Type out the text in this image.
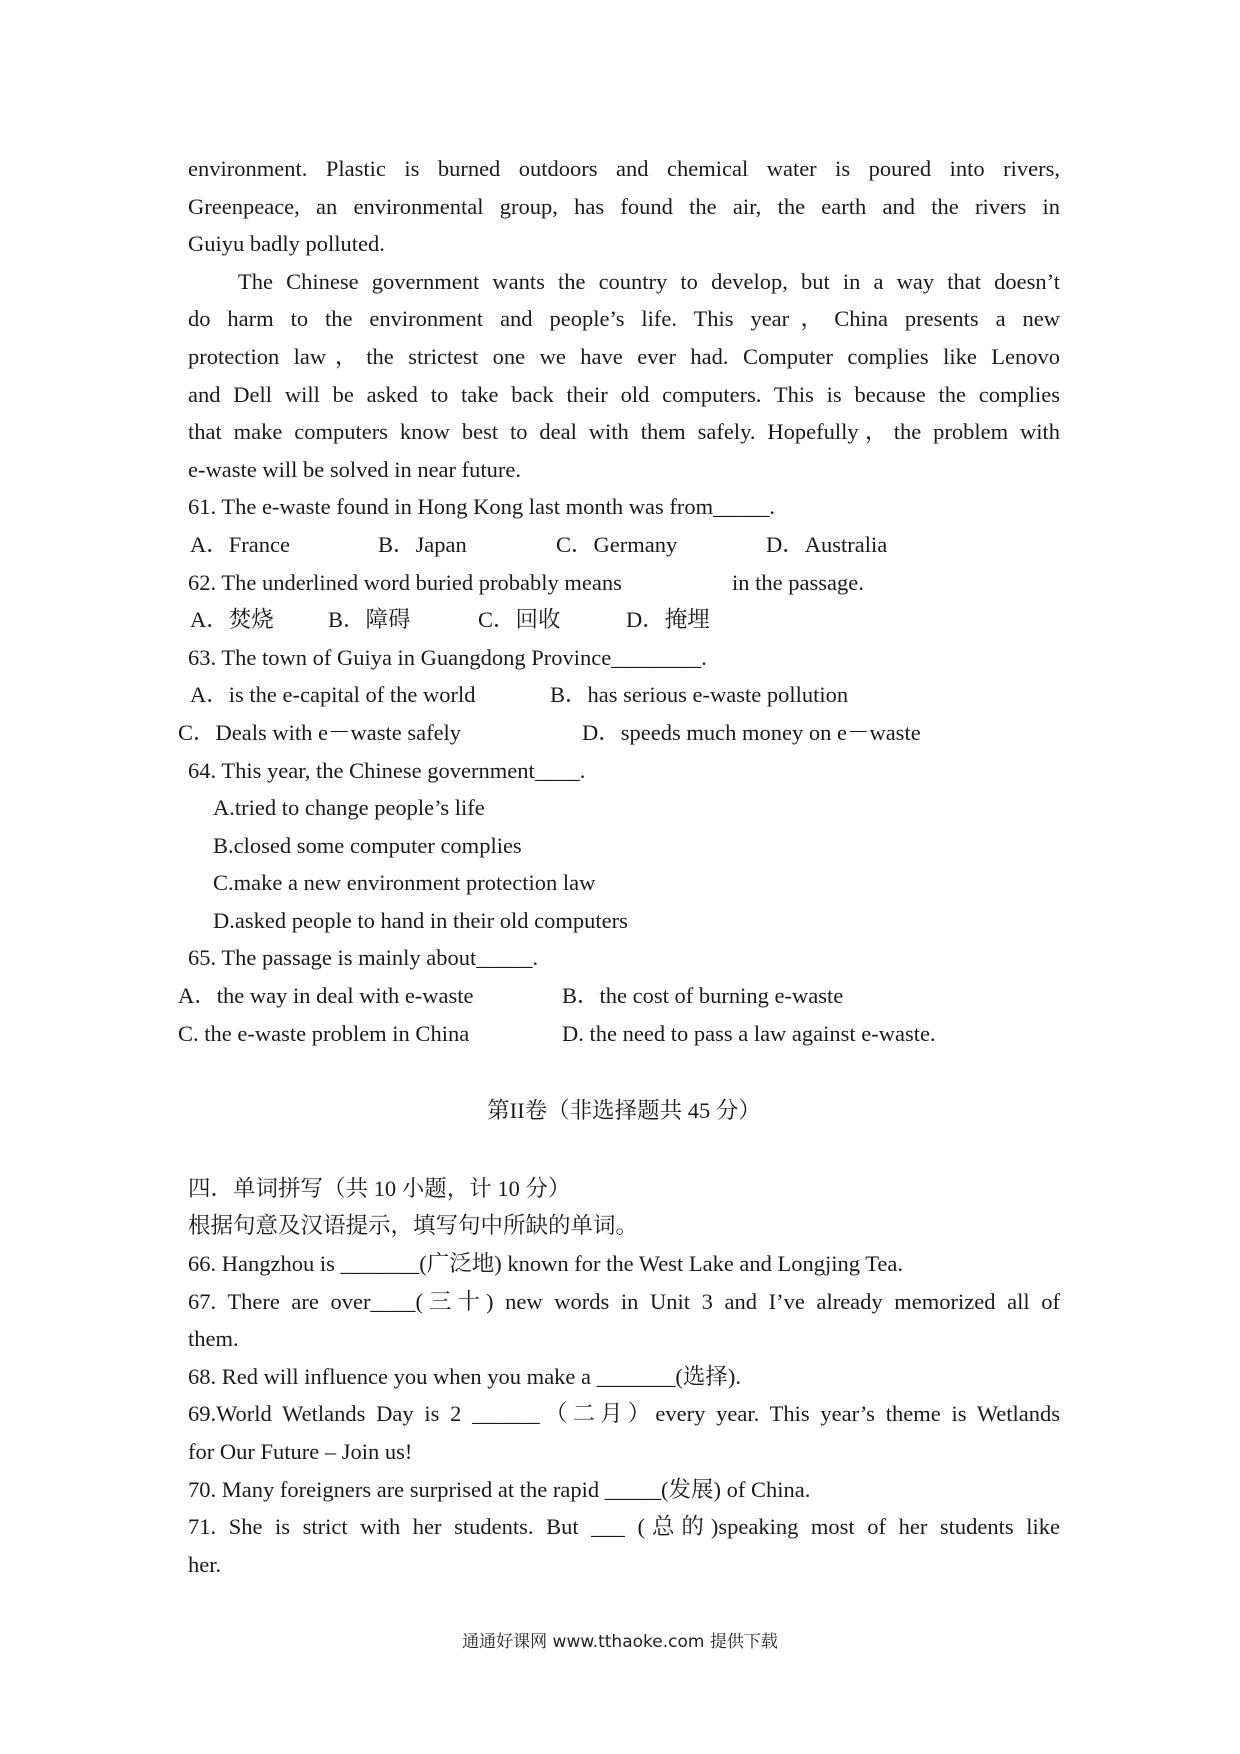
environment. Plastic is burned outdoors and chemical water is poured into rivers,
Greenpeace, an environmental group, has found the air, the earth and the rivers in
Guiyu badly polluted.
The Chinese government wants the country to develop, but in a way that doesn’t
do harm to the environment and people’s life. This year，China presents a new
protection law，the strictest one we have ever had. Computer complies like Lenovo
and Dell will be asked to take back their old computers. This is because the complies
that make computers know best to deal with them safely. Hopefully，the problem with
e-waste will be solved in near future.
61. The e-waste found in Hong Kong last month was from_____.
A．France	B．Japan	C．Germany	D．Australia
62. The underlined word buried probably means	in the passage.
A．焚烧 B．障碍	C．回收	D．掩埋
63. The town of Guiya in Guangdong Province________.
A．is the e-capital of the world	B．has serious e-waste pollution
C．Deals with e－waste safely	D．speeds much money on e－waste
64. This year, the Chinese government____.
A.tried to change people’s life
B.closed some computer complies
C.make a new environment protection law
D.asked people to hand in their old computers
65. The passage is mainly about_____.
A．the way in deal with e-waste	B．the cost of burning e-waste
C. the e-waste problem in China	D. the need to pass a law against e-waste.
第II卷（非选择题共 45 分）
四．单词拼写（共 10 小题，计 10 分）
根据句意及汉语提示，填写句中所缺的单词。
66. Hangzhou is _______(广泛地) known for the West Lake and Longjing Tea.
67. There are over____(三十) new words in Unit 3 and I’ve already memorized all of
them.
68. Red will influence you when you make a _______(选择).
69.World Wetlands Day is 2 ______（二月）every year. This year’s theme is Wetlands
for Our Future – Join us!
70. Many foreigners are surprised at the rapid _____(发展) of China.
71. She is strict with her students. But ___ (总的)speaking most of her students like
her.
通通好课网 www.tthaoke.com 提供下载
